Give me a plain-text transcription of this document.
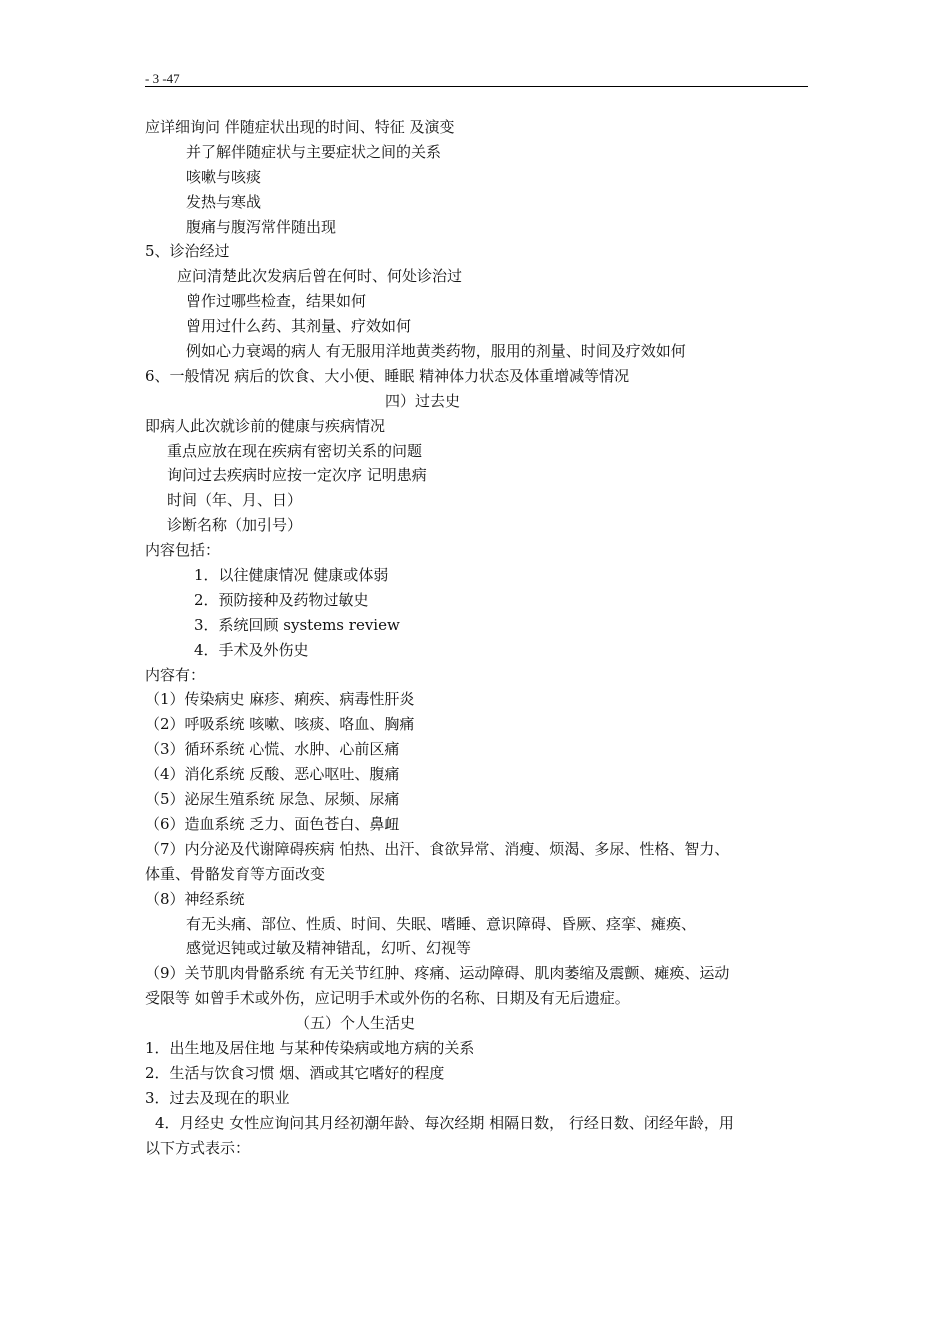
- 3 -47
应详细询问 伴随症状出现的时间、特征 及演变
并了解伴随症状与主要症状之间的关系
咳嗽与咳痰
发热与寒战
腹痛与腹泻常伴随出现
5、诊治经过
应问清楚此次发病后曾在何时、何处诊治过
曾作过哪些检查，结果如何
曾用过什么药、其剂量、疗效如何
例如心力衰竭的病人 有无服用洋地黄类药物，服用的剂量、时间及疗效如何
6、一般情况 病后的饮食、大小便、睡眠 精神体力状态及体重增减等情况
四）过去史
即病人此次就诊前的健康与疾病情况
重点应放在现在疾病有密切关系的问题
询问过去疾病时应按一定次序 记明患病
时间（年、月、日）
诊断名称（加引号）
内容包括：
1．以往健康情况 健康或体弱
2．预防接种及药物过敏史
3．系统回顾 systems review
4．手术及外伤史
内容有：
（1）传染病史 麻疹、痢疾、病毒性肝炎
（2）呼吸系统 咳嗽、咳痰、咯血、胸痛
（3）循环系统 心慌、水肿、心前区痛
（4）消化系统 反酸、恶心呕吐、腹痛
（5）泌尿生殖系统 尿急、尿频、尿痛
（6）造血系统 乏力、面色苍白、鼻衄
（7）内分泌及代谢障碍疾病 怕热、出汗、食欲异常、消瘦、烦渴、多尿、性格、智力、
体重、骨骼发育等方面改变
（8）神经系统
有无头痛、部位、性质、时间、失眠、嗜睡、意识障碍、昏厥、痉挛、瘫痪、
感觉迟钝或过敏及精神错乱，幻听、幻视等
（9）关节肌肉骨骼系统 有无关节红肿、疼痛、运动障碍、肌肉萎缩及震颤、瘫痪、运动
受限等 如曾手术或外伤，应记明手术或外伤的名称、日期及有无后遗症。
（五）个人生活史
1．出生地及居住地 与某种传染病或地方病的关系
2．生活与饮食习惯 烟、酒或其它嗜好的程度
3．过去及现在的职业
4．月经史 女性应询问其月经初潮年龄、每次经期 相隔日数， 行经日数、闭经年龄，用
以下方式表示：
